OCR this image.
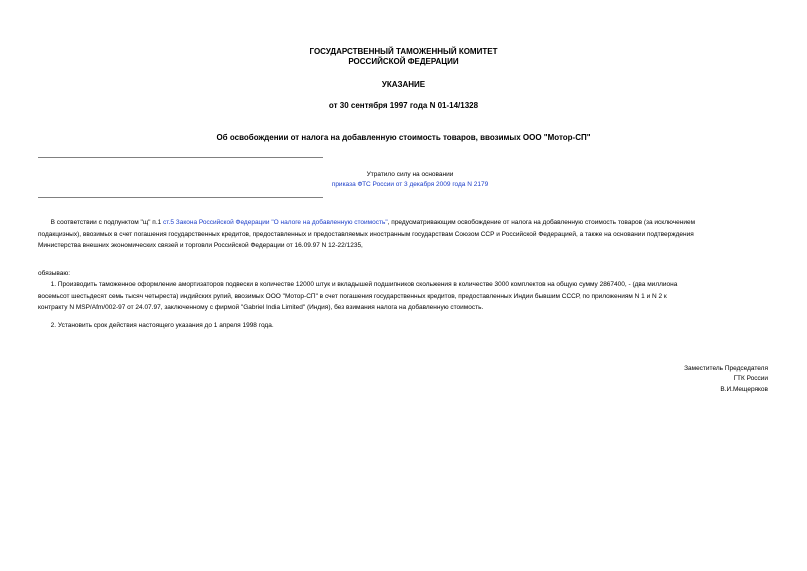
ГОСУДАРСТВЕННЫЙ ТАМОЖЕННЫЙ КОМИТЕТ
РОССИЙСКОЙ ФЕДЕРАЦИИ
УКАЗАНИЕ
от 30 сентября 1997 года N 01-14/1328
Об освобождении от налога на добавленную стоимость товаров, ввозимых ООО "Мотор-СП"
Утратило силу на основании
приказа ФТС России от 3 декабря 2009 года N 2179
В соответствии с подпунктом "щ" п.1 ст.5 Закона Российской Федерации "О налоге на добавленную стоимость", предусматривающим освобождение от налога на добавленную стоимость товаров (за исключением
подакцизных), ввозимых в счет погашения государственных кредитов, предоставленных и предоставляемых иностранным государствам Союзом ССР и Российской Федерацией, а также на основании подтверждения
Министерства внешних экономических связей и торговли Российской Федерации от 16.09.97 N 12-22/1235,
обязываю:
1. Производить таможенное оформление амортизаторов подвески в количестве 12000 штук и вкладышей подшипников скольжения в количестве 3000 комплектов на общую сумму 2867400, - (два миллиона
восемьсот шестьдесят семь тысяч четыреста) индийских рупий, ввозимых ООО "Мотор-СП" в счет погашения государственных кредитов, предоставленных Индии бывшим СССР, по приложениям N 1 и N 2 к
контракту N MSP/Afm/002-97 от 24.07.97, заключенному с фирмой "Gabriel India Limited" (Индия), без взимания налога на добавленную стоимость.
2. Установить срок действия настоящего указания до 1 апреля 1998 года.
Заместитель Председателя
ГТК России
В.И.Мещеряков
